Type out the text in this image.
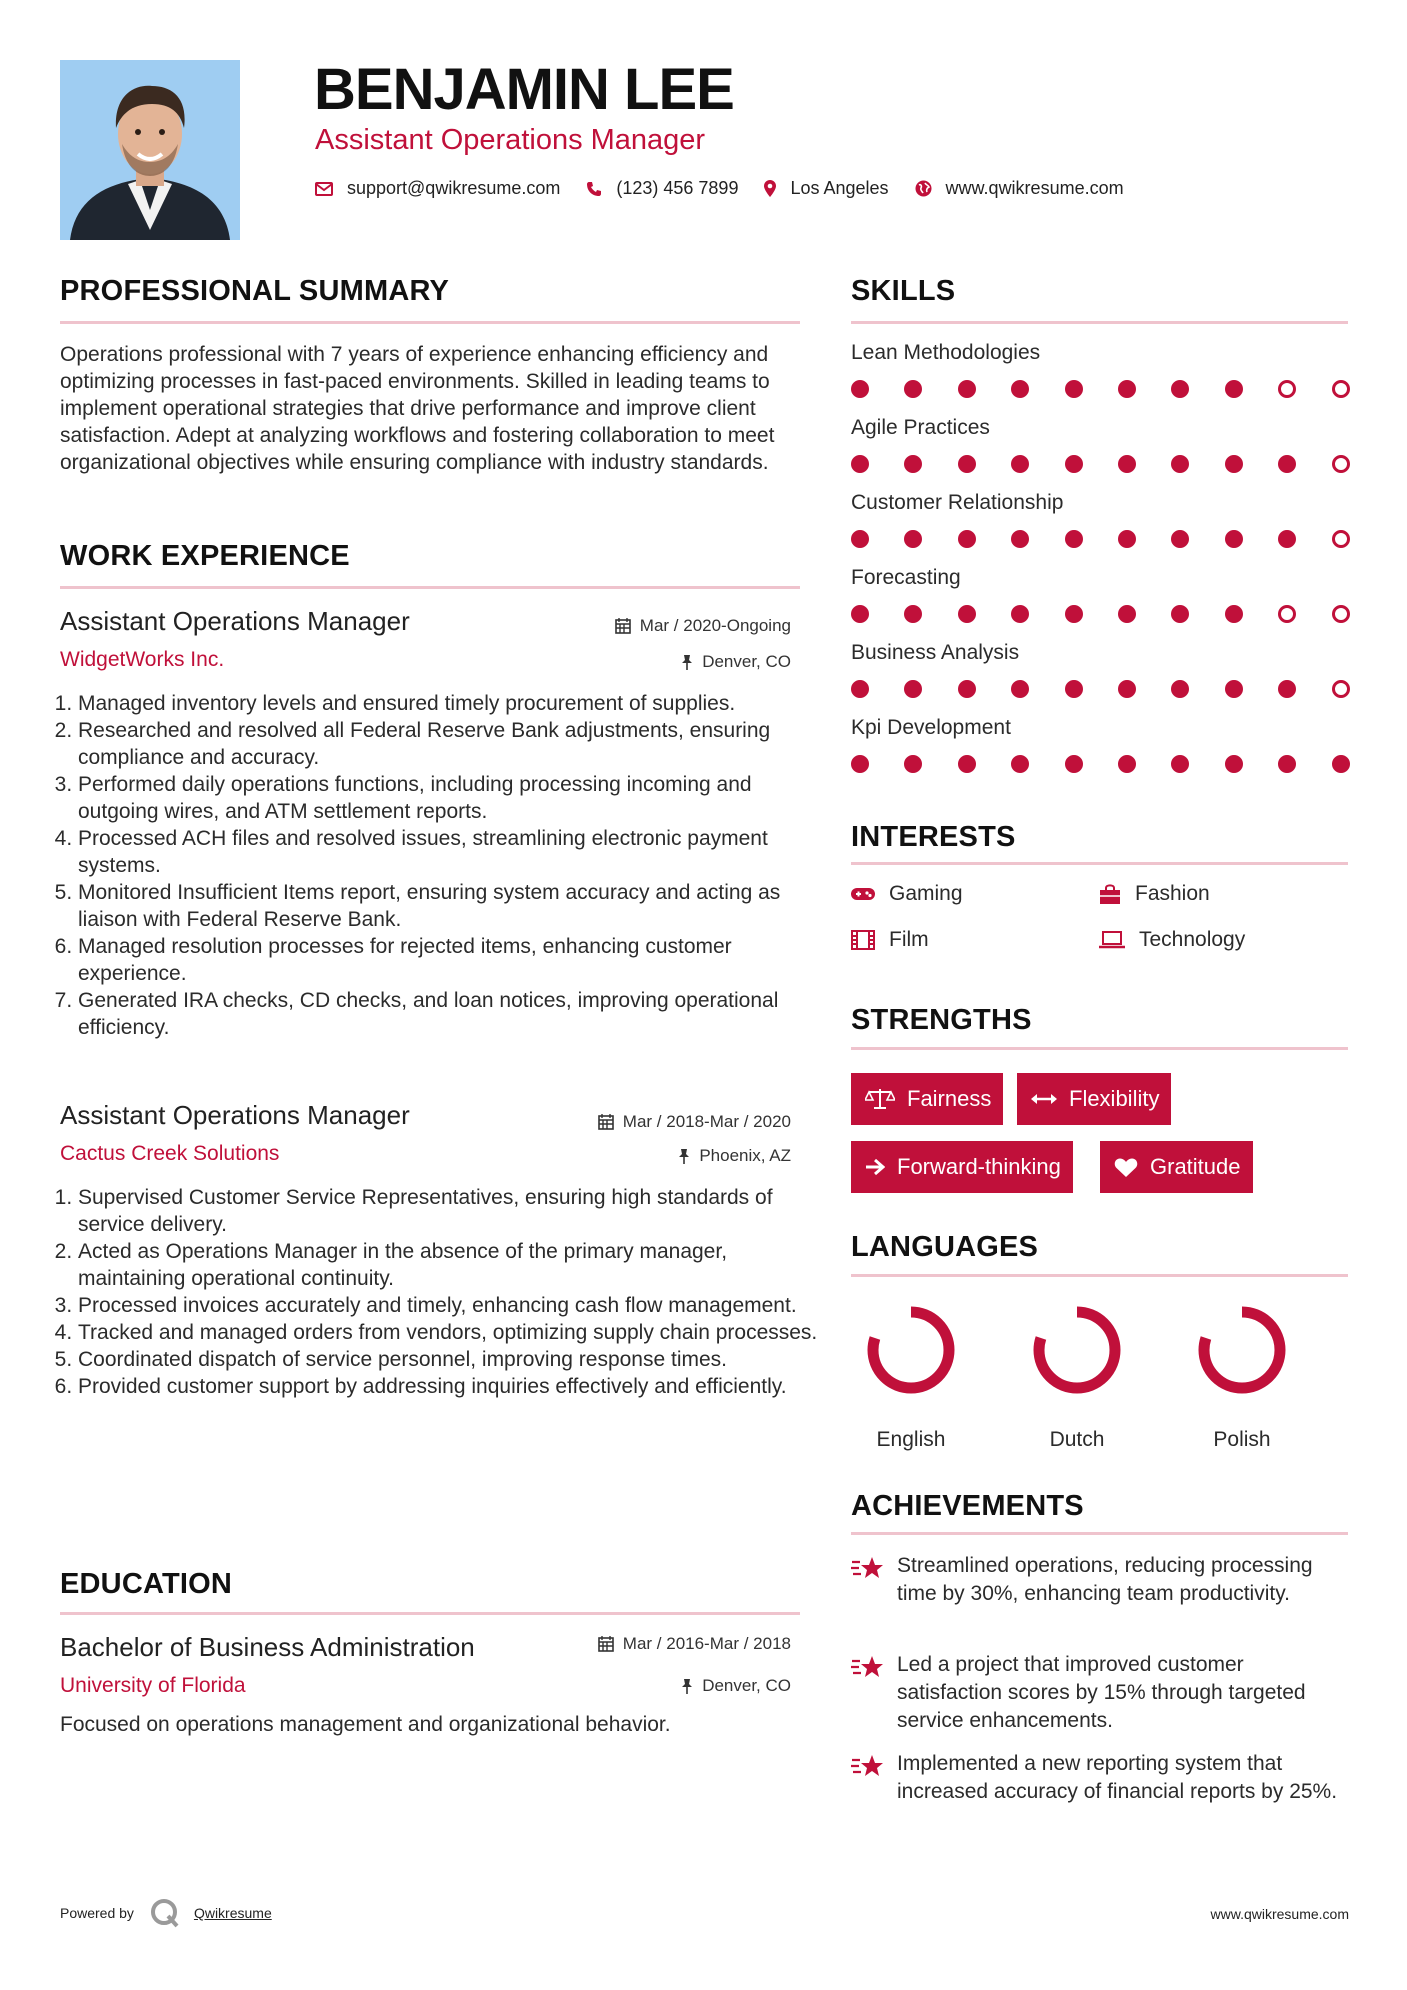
BENJAMIN LEE
Assistant Operations Manager
support@qwikresume.com	(123) 456 7899	Los Angeles	www.qwikresume.com
PROFESSIONAL SUMMARY
Operations professional with 7 years of experience enhancing efficiency and optimizing processes in fast-paced environments. Skilled in leading teams to implement operational strategies that drive performance and improve client satisfaction. Adept at analyzing workflows and fostering collaboration to meet organizational objectives while ensuring compliance with industry standards.
WORK EXPERIENCE
Assistant Operations Manager	Mar / 2020-Ongoing
WidgetWorks Inc.	Denver, CO
1. Managed inventory levels and ensured timely procurement of supplies.
2. Researched and resolved all Federal Reserve Bank adjustments, ensuring compliance and accuracy.
3. Performed daily operations functions, including processing incoming and outgoing wires, and ATM settlement reports.
4. Processed ACH files and resolved issues, streamlining electronic payment systems.
5. Monitored Insufficient Items report, ensuring system accuracy and acting as liaison with Federal Reserve Bank.
6. Managed resolution processes for rejected items, enhancing customer experience.
7. Generated IRA checks, CD checks, and loan notices, improving operational efficiency.
Assistant Operations Manager	Mar / 2018-Mar / 2020
Cactus Creek Solutions	Phoenix, AZ
1. Supervised Customer Service Representatives, ensuring high standards of service delivery.
2. Acted as Operations Manager in the absence of the primary manager, maintaining operational continuity.
3. Processed invoices accurately and timely, enhancing cash flow management.
4. Tracked and managed orders from vendors, optimizing supply chain processes.
5. Coordinated dispatch of service personnel, improving response times.
6. Provided customer support by addressing inquiries effectively and efficiently.
EDUCATION
Bachelor of Business Administration	Mar / 2016-Mar / 2018
University of Florida	Denver, CO
Focused on operations management and organizational behavior.
SKILLS
Lean Methodologies
Agile Practices
Customer Relationship
Forecasting
Business Analysis
Kpi Development
INTERESTS
Gaming	Fashion
Film	Technology
STRENGTHS
Fairness	Flexibility
Forward-thinking	Gratitude
LANGUAGES
English	Dutch	Polish
ACHIEVEMENTS
Streamlined operations, reducing processing time by 30%, enhancing team productivity.
Led a project that improved customer satisfaction scores by 15% through targeted service enhancements.
Implemented a new reporting system that increased accuracy of financial reports by 25%.
Powered by	Qwikresume	www.qwikresume.com
